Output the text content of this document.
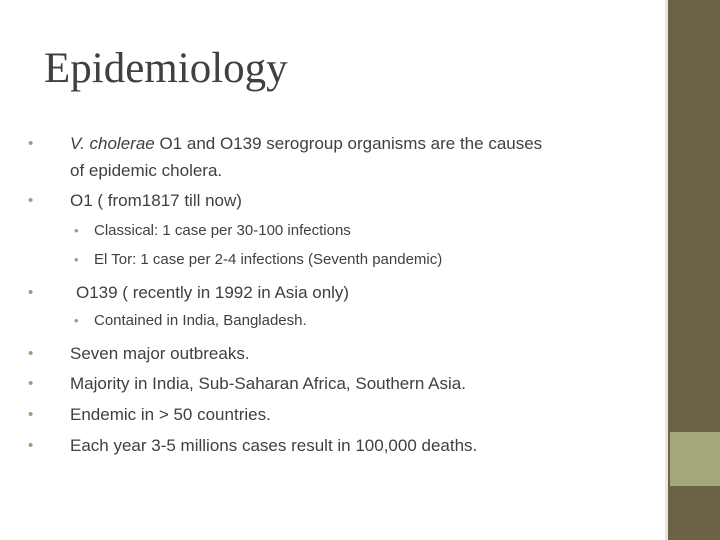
Epidemiology
• V. cholerae O1 and O139 serogroup organisms are the causes
of epidemic cholera.
• O1 ( from1817 till now)
• Classical: 1 case per 30-100 infections
• El Tor: 1 case per 2-4 infections (Seventh pandemic)
•	O139 ( recently in 1992 in Asia only)
• Contained in India, Bangladesh.
• Seven major outbreaks.
• Majority in India, Sub-Saharan Africa, Southern Asia.
• Endemic in > 50 countries.
• Each year 3-5 millions cases result in 100,000 deaths.
